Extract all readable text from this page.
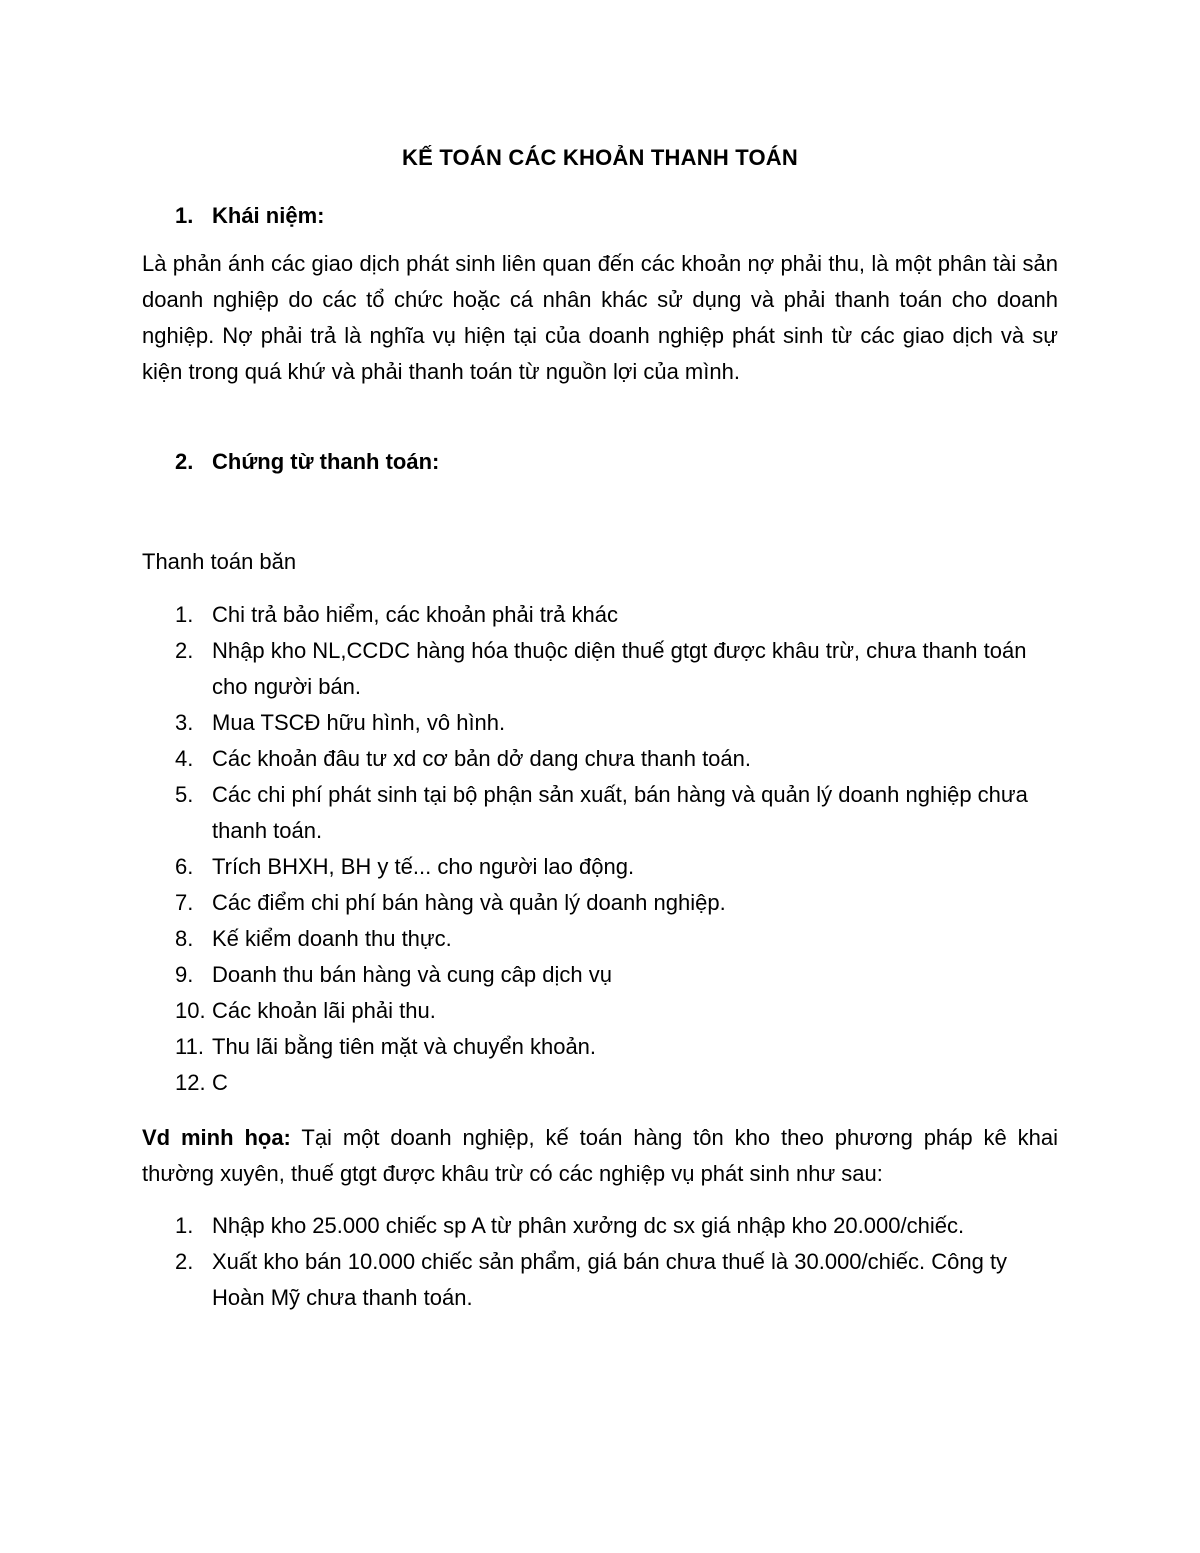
KẾ TOÁN CÁC KHOẢN THANH TOÁN
1. Khái niệm:
Là phản ánh các giao dịch phát sinh liên quan đến các khoản nợ phải thu, là một phân tài sản doanh nghiệp do các tổ chức hoặc cá nhân khác sử dụng và phải thanh toán cho doanh nghiệp. Nợ phải trả là nghĩa vụ hiện tại của doanh nghiệp phát sinh từ các giao dịch và sự kiện trong quá khứ và phải thanh toán từ nguồn lợi của mình.
2. Chứng từ thanh toán:
Thanh toán băn
1. Chi trả bảo hiểm, các khoản phải trả khác
2. Nhập kho NL,CCDC hàng hóa thuộc diện thuế gtgt được khâu trừ, chưa thanh toán cho người bán.
3. Mua TSCĐ hữu hình, vô hình.
4. Các khoản đâu tư xd cơ bản dở dang chưa thanh toán.
5. Các chi phí phát sinh tại bộ phận sản xuất, bán hàng và quản lý doanh nghiệp chưa thanh toán.
6. Trích BHXH, BH y tế... cho người lao động.
7. Các điểm chi phí bán hàng và quản lý doanh nghiệp.
8. Kế kiểm doanh thu thực.
9. Doanh thu bán hàng và cung câp dịch vụ
10. Các khoản lãi phải thu.
11. Thu lãi bằng tiên mặt và chuyển khoản.
12. C
Vd minh họa: Tại một doanh nghiệp, kế toán hàng tôn kho theo phương pháp kê khai thường xuyên, thuế gtgt được khâu trừ có các nghiệp vụ phát sinh như sau:
1. Nhập kho 25.000 chiếc sp A từ phân xưởng dc sx giá nhập kho 20.000/chiếc.
2. Xuất kho bán 10.000 chiếc sản phẩm, giá bán chưa thuế là 30.000/chiếc. Công ty Hoàn Mỹ chưa thanh toán.
